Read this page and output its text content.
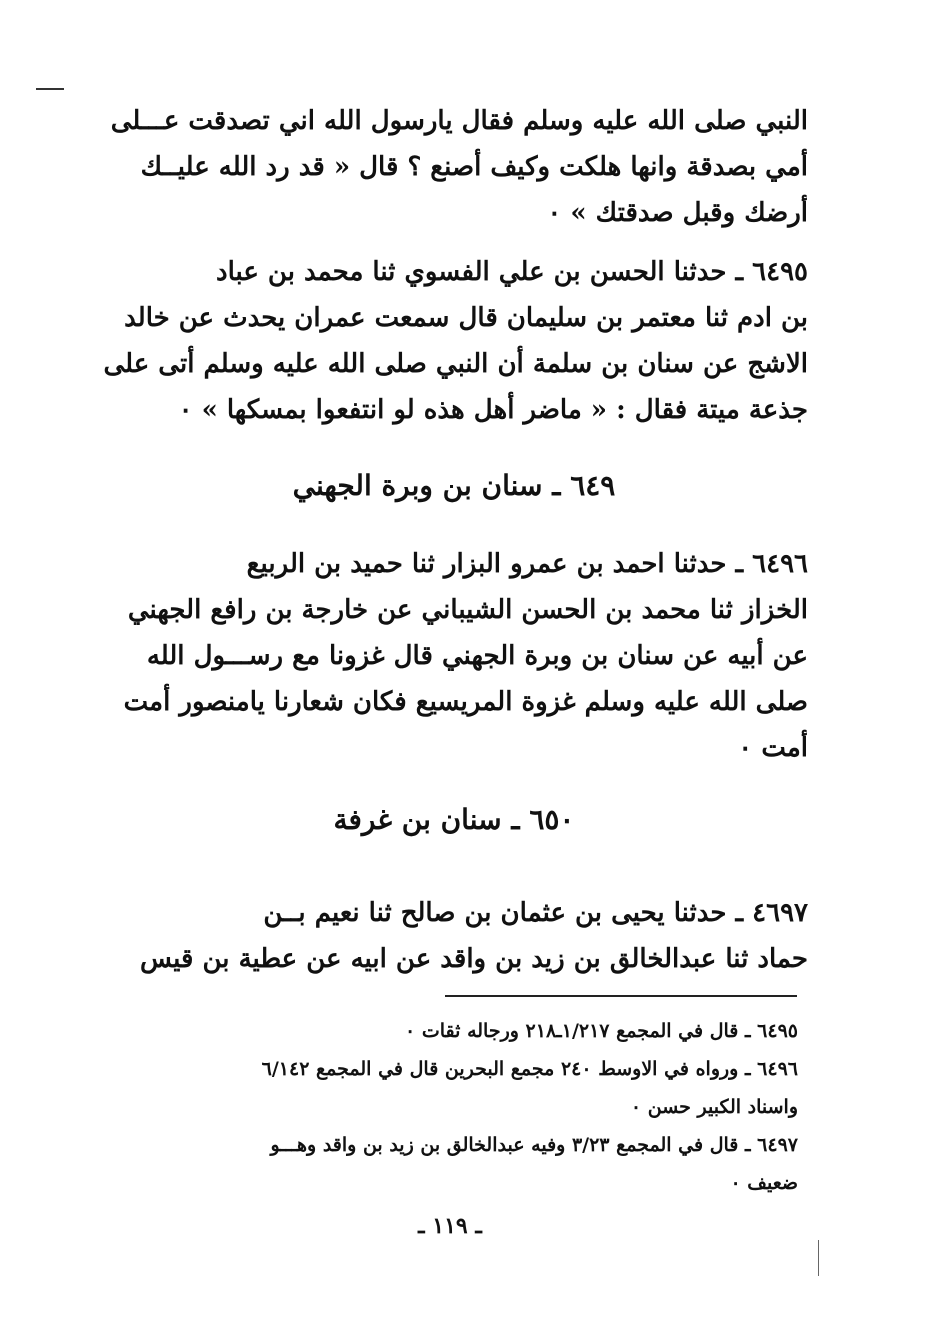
النبي صلى الله عليه وسلم فقال يارسول الله اني تصدقت عـــلى
أمي بصدقة وانها هلكت وكيف أصنع ؟ قال « قد رد الله عليــك
أرضك وقبل صدقتك » ٠
٦٤٩٥ ـ حدثنا الحسن بن علي الفسوي ثنا محمد بن عباد
بن ادم ثنا معتمر بن سليمان قال سمعت عمران يحدث عن خالد
الاشج عن سنان بن سلمة أن النبي صلى الله عليه وسلم أتى على
جذعة ميتة فقال : « ماضر أهل هذه لو انتفعوا بمسكها » ٠
٦٤٩ ـ سنان بن وبرة الجهني
٦٤٩٦ ـ حدثنا احمد بن عمرو البزار ثنا حميد بن الربيع
الخزاز ثنا محمد بن الحسن الشيباني عن خارجة بن رافع الجهني
عن أبيه عن سنان بن وبرة الجهني قال غزونا مع رســـول الله
صلى الله عليه وسلم غزوة المريسيع فكان شعارنا يامنصور أمت
أمت ٠
٦٥٠ ـ سنان بن غرفة
٤٦٩٧ ـ حدثنا يحيى بن عثمان بن صالح ثنا نعيم بــن
حماد ثنا عبدالخالق بن زيد بن واقد عن ابيه عن عطية بن قيس
٦٤٩٥ ـ قال في المجمع ١/٢١٧ـ٢١٨ ورجاله ثقات ٠
٦٤٩٦ ـ ورواه في الاوسط ٢٤٠ مجمع البحرين قال في المجمع ٦/١٤٢
واسناد الكبير حسن ٠
٦٤٩٧ ـ قال في المجمع ٣/٢٣ وفيه عبدالخالق بن زيد بن واقد وهـــو
ضعيف ٠
ـ ١١٩ ـ
